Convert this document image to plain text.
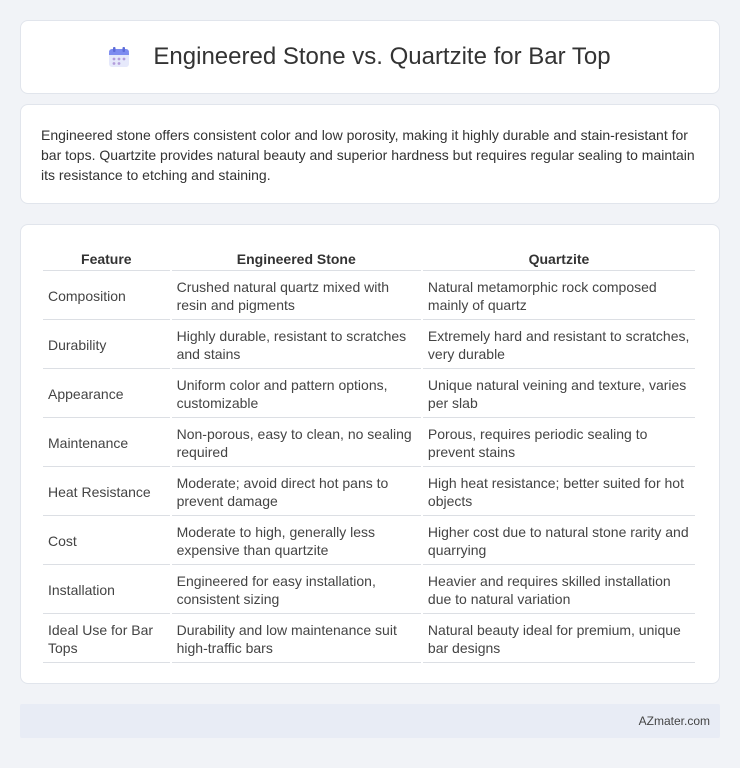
Engineered Stone vs. Quartzite for Bar Top

Engineered stone offers consistent color and low porosity, making it highly durable and stain-resistant for bar tops. Quartzite provides natural beauty and superior hardness but requires regular sealing to maintain its resistance to etching and staining.

Feature	Engineered Stone	Quartzite
Composition	Crushed natural quartz mixed with resin and pigments	Natural metamorphic rock composed mainly of quartz
Durability	Highly durable, resistant to scratches and stains	Extremely hard and resistant to scratches, very durable
Appearance	Uniform color and pattern options, customizable	Unique natural veining and texture, varies per slab
Maintenance	Non-porous, easy to clean, no sealing required	Porous, requires periodic sealing to prevent stains
Heat Resistance	Moderate; avoid direct hot pans to prevent damage	High heat resistance; better suited for hot objects
Cost	Moderate to high, generally less expensive than quartzite	Higher cost due to natural stone rarity and quarrying
Installation	Engineered for easy installation, consistent sizing	Heavier and requires skilled installation due to natural variation
Ideal Use for Bar Tops	Durability and low maintenance suit high-traffic bars	Natural beauty ideal for premium, unique bar designs
AZmater.com
